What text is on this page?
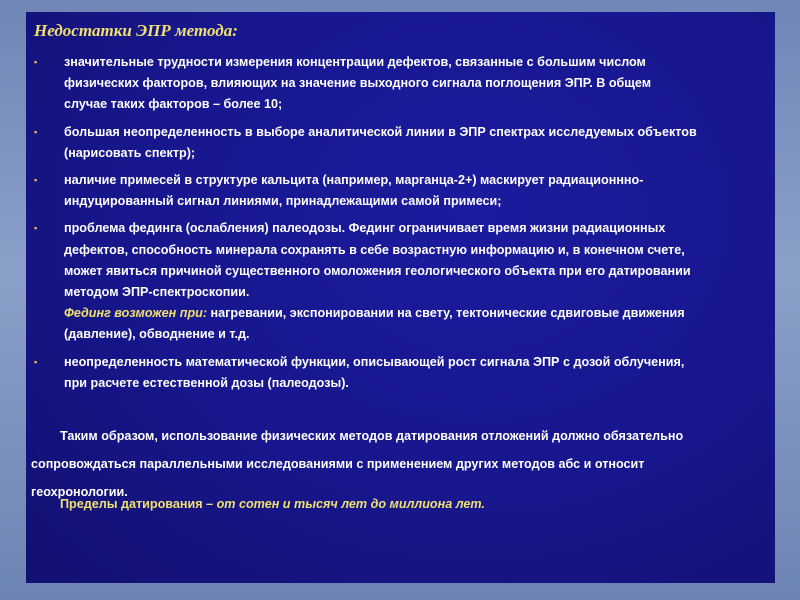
Недостатки ЭПР метода:
▪ значительные трудности измерения концентрации дефектов, связанные с большим числом
физических факторов, влияющих на значение выходного сигнала поглощения ЭПР. В общем
случае таких факторов – более 10;
▪ большая неопределенность в выборе аналитической линии в ЭПР спектрах исследуемых объектов
(нарисовать спектр);
▪ наличие примесей в структуре кальцита (например, марганца-2+) маскирует радиационнно-
индуцированный сигнал линиями, принадлежащими самой примеси;
▪ проблема фединга (ослабления) палеодозы. Фединг ограничивает время жизни радиационных
дефектов, способность минерала сохранять в себе возрастную информацию и, в конечном счете,
может явиться причиной существенного омоложения геологического объекта при его датировании
методом ЭПР-спектроскопии.
Фединг возможен при: нагревании, экспонировании на свету, тектонические сдвиговые движения
(давление), обводнение и т.д.
▪ неопределенность математической функции, описывающей рост сигнала ЭПР с дозой облучения,
при расчете естественной дозы (палеодозы).
Таким образом, использование физических методов датирования отложений должно обязательно
сопровождаться параллельными исследованиями с применением других методов абс и относит
геохронологии.
Пределы датирования – от сотен и тысяч лет до миллиона лет.
